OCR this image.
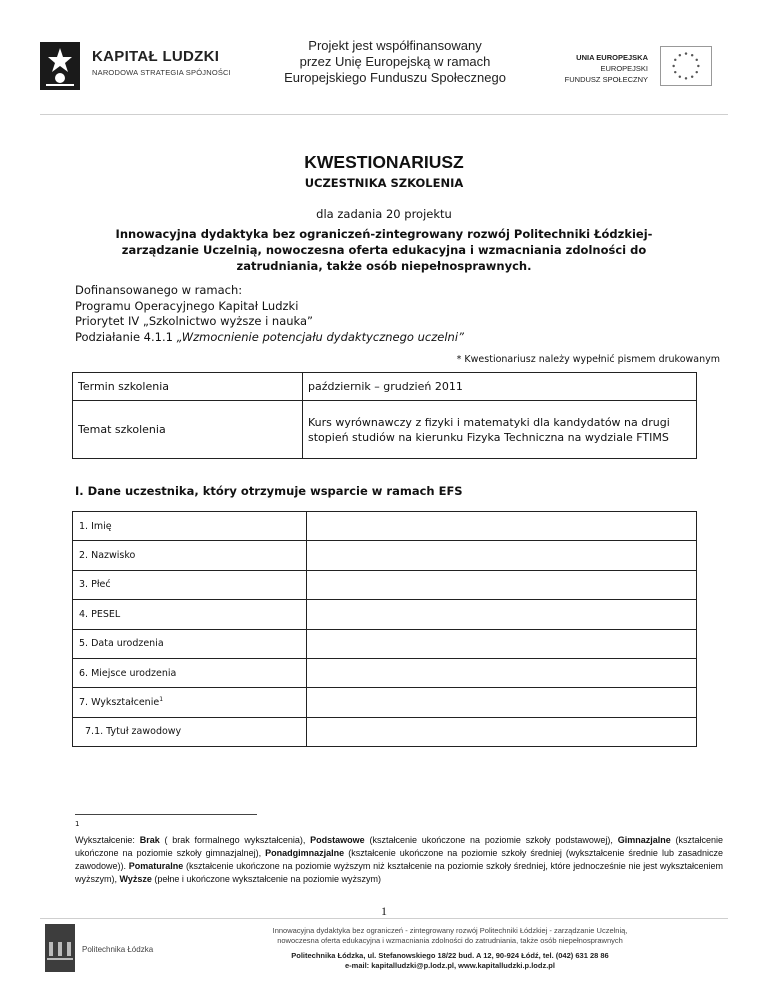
KAPITAŁ LUDZKI
NARODOWA STRATEGIA SPÓJNOŚCI
Projekt jest współfinansowany
przez Unię Europejską w ramach
Europejskiego Funduszu Społecznego
UNIA EUROPEJSKA
EUROPEJSKI
FUNDUSZ SPOŁECZNY
KWESTIONARIUSZ
UCZESTNIKA SZKOLENIA
dla zadania 20 projektu
Innowacyjna dydaktyka bez ograniczeń-zintegrowany rozwój Politechniki Łódzkiej-zarządzanie Uczelnią, nowoczesna oferta edukacyjna i wzmacniania zdolności do zatrudniania, także osób niepełnosprawnych.
Dofinansowanego w ramach:
Programu Operacyjnego Kapitał Ludzki
Priorytet IV „Szkolnictwo wyższe i nauka”
Podziałanie 4.1.1 „Wzmocnienie potencjału dydaktycznego uczelni”
* Kwestionariusz należy wypełnić pismem drukowanym
Termin szkolenia	październik – grudzień 2011
Temat szkolenia	Kurs wyrównawczy z fizyki i matematyki dla kandydatów na drugi stopień studiów na kierunku Fizyka Techniczna na wydziale FTIMS
I. Dane uczestnika, który otrzymuje wsparcie w ramach EFS
1. Imię	
2. Nazwisko	
3. Płeć	
4. PESEL	
5. Data urodzenia	
6. Miejsce urodzenia	
7. Wykształcenie$^1$	
7.1. Tytuł zawodowy	
1
Wykształcenie: Brak ( brak formalnego wykształcenia), Podstawowe (kształcenie ukończone na poziomie szkoły podstawowej), Gimnazjalne (kształcenie ukończone na poziomie szkoły gimnazjalnej), Ponadgimnazjalne (kształcenie ukończone na poziomie szkoły średniej (wykształcenie średnie lub zasadnicze zawodowe)). Pomaturalne (kształcenie ukończone na poziomie wyższym niż kształcenie na poziomie szkoły średniej, które jednocześnie nie jest wykształceniem wyższym), Wyższe (pełne i ukończone wykształcenie na poziomie wyższym)
1
Politechnika Łódzka
Innowacyjna dydaktyka bez ograniczeń - zintegrowany rozwój Politechniki Łódzkiej - zarządzanie Uczelnią,
nowoczesna oferta edukacyjna i wzmacniania zdolności do zatrudniania, także osób niepełnosprawnych
Politechnika Łódzka, ul. Stefanowskiego 18/22 bud. A 12, 90-924 Łódź, tel. (042) 631 28 86
e-mail: kapitalludzki@p.lodz.pl, www.kapitalludzki.p.lodz.pl
